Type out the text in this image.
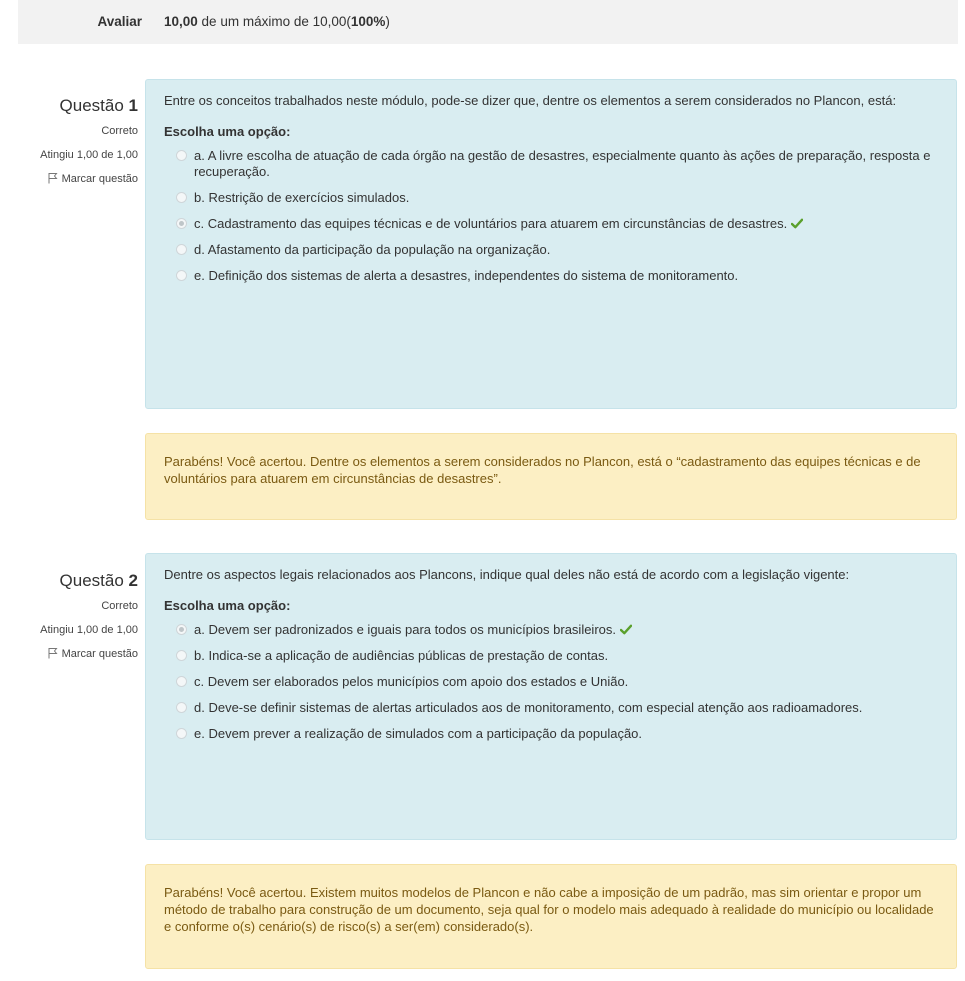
Avaliar 10,00 de um máximo de 10,00(100%)
Questão 1
Correto
Atingiu 1,00 de 1,00
Marcar questão
Entre os conceitos trabalhados neste módulo, pode-se dizer que, dentre os elementos a serem considerados no Plancon, está:
Escolha uma opção:
a. A livre escolha de atuação de cada órgão na gestão de desastres, especialmente quanto às ações de preparação, resposta e recuperação.
b. Restrição de exercícios simulados.
c. Cadastramento das equipes técnicas e de voluntários para atuarem em circunstâncias de desastres.
d. Afastamento da participação da população na organização.
e. Definição dos sistemas de alerta a desastres, independentes do sistema de monitoramento.
Parabéns! Você acertou. Dentre os elementos a serem considerados no Plancon, está o “cadastramento das equipes técnicas e de voluntários para atuarem em circunstâncias de desastres”.
Questão 2
Correto
Atingiu 1,00 de 1,00
Marcar questão
Dentre os aspectos legais relacionados aos Plancons, indique qual deles não está de acordo com a legislação vigente:
Escolha uma opção:
a. Devem ser padronizados e iguais para todos os municípios brasileiros.
b. Indica-se a aplicação de audiências públicas de prestação de contas.
c. Devem ser elaborados pelos municípios com apoio dos estados e União.
d. Deve-se definir sistemas de alertas articulados aos de monitoramento, com especial atenção aos radioamadores.
e. Devem prever a realização de simulados com a participação da população.
Parabéns! Você acertou. Existem muitos modelos de Plancon e não cabe a imposição de um padrão, mas sim orientar e propor um método de trabalho para construção de um documento, seja qual for o modelo mais adequado à realidade do município ou localidade e conforme o(s) cenário(s) de risco(s) a ser(em) considerado(s).
